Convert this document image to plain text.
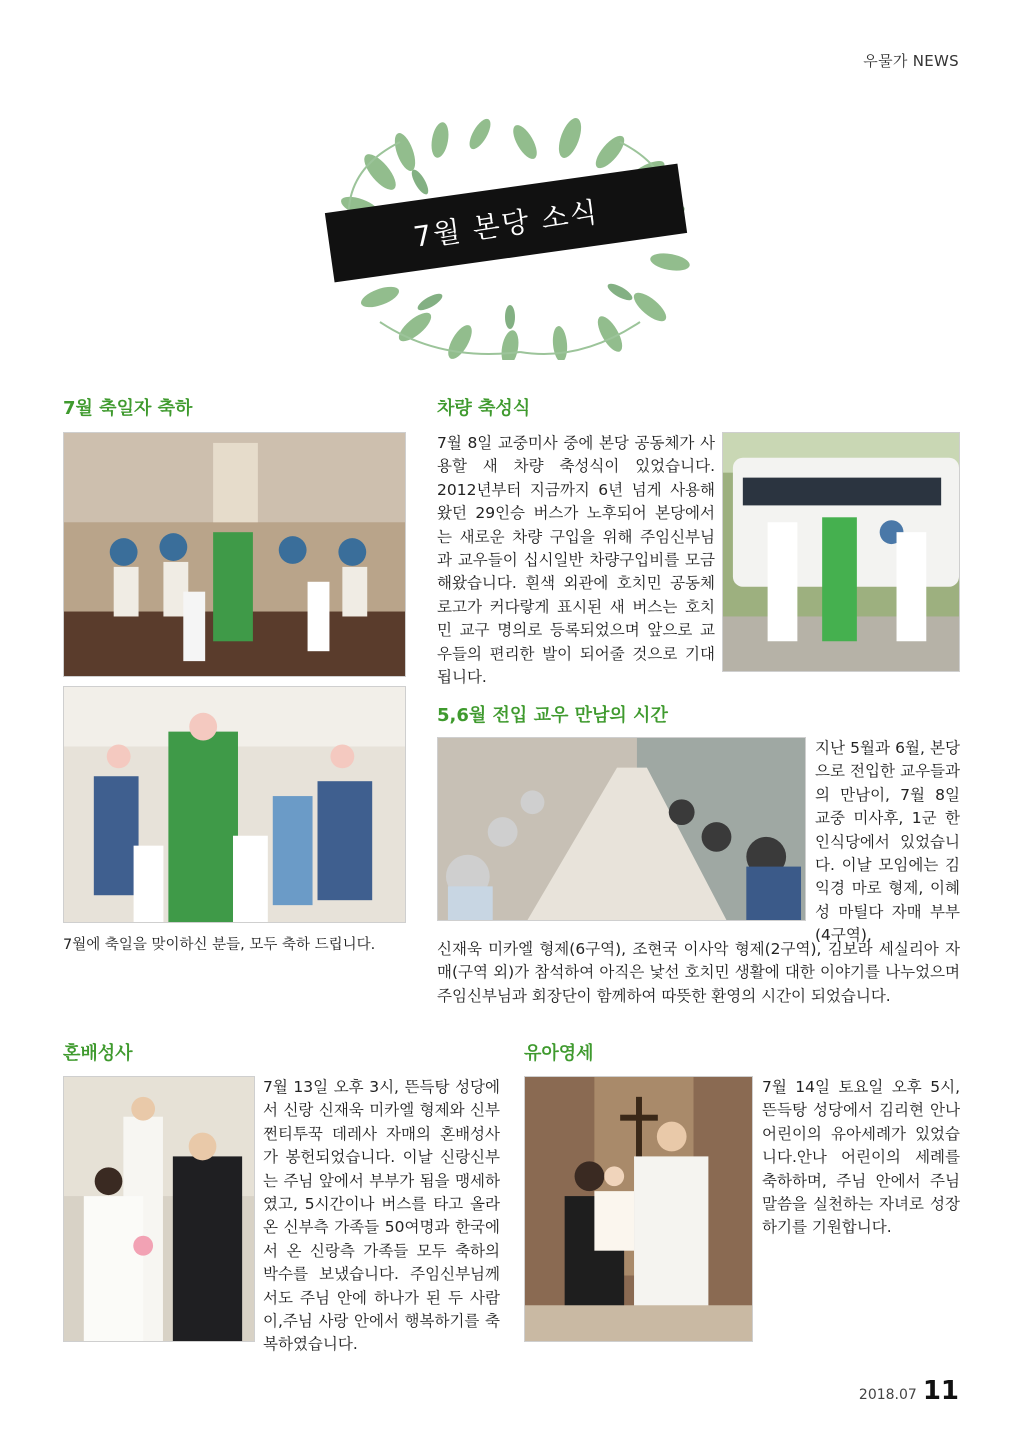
우물가 NEWS
7월 본당 소식
7월 축일자 축하
7월에 축일을 맞이하신 분들, 모두 축하 드립니다.
차량 축성식
7월 8일 교중미사 중에 본당 공동체가 사용할 새 차량 축성식이 있었습니다. 2012년부터 지금까지 6년 넘게 사용해 왔던 29인승 버스가 노후되어 본당에서는 새로운 차량 구입을 위해 주임신부님과 교우들이 십시일반 차량구입비를 모금해왔습니다. 흰색 외관에 호치민 공동체 로고가 커다랗게 표시된 새 버스는 호치민 교구 명의로 등록되었으며 앞으로 교우들의 편리한 발이 되어줄 것으로 기대됩니다.
5,6월 전입 교우 만남의 시간
지난 5월과 6월, 본당으로 전입한 교우들과의 만남이, 7월 8일 교중 미사후, 1군 한인식당에서 있었습니다. 이날 모임에는 김익경 마로 형제, 이혜성 마틸다 자매 부부(4구역),
신재욱 미카엘 형제(6구역), 조현국 이사악 형제(2구역), 김보라 세실리아 자매(구역 외)가 참석하여 아직은 낯선 호치민 생활에 대한 이야기를 나누었으며 주임신부님과 회장단이 함께하여 따뜻한 환영의 시간이 되었습니다.
혼배성사
7월 13일 오후 3시, 뜬득탕 성당에서 신랑 신재욱 미카엘 형제와 신부 쩐티투꾹 데레사 자매의 혼배성사가 봉헌되었습니다. 이날 신랑신부는 주님 앞에서 부부가 됨을 맹세하였고, 5시간이나 버스를 타고 올라온 신부측 가족들 50여명과 한국에서 온 신랑측 가족들 모두 축하의 박수를 보냈습니다. 주임신부님께서도 주님 안에 하나가 된 두 사람이,주님 사랑 안에서 행복하기를 축복하였습니다.
유아영세
7월 14일 토요일 오후 5시, 뜬득탕 성당에서 김리현 안나 어린이의 유아세례가 있었습니다.안나 어린이의 세례를 축하하며, 주님 안에서 주님 말씀을 실천하는 자녀로 성장하기를 기원합니다.
2018.07 11
